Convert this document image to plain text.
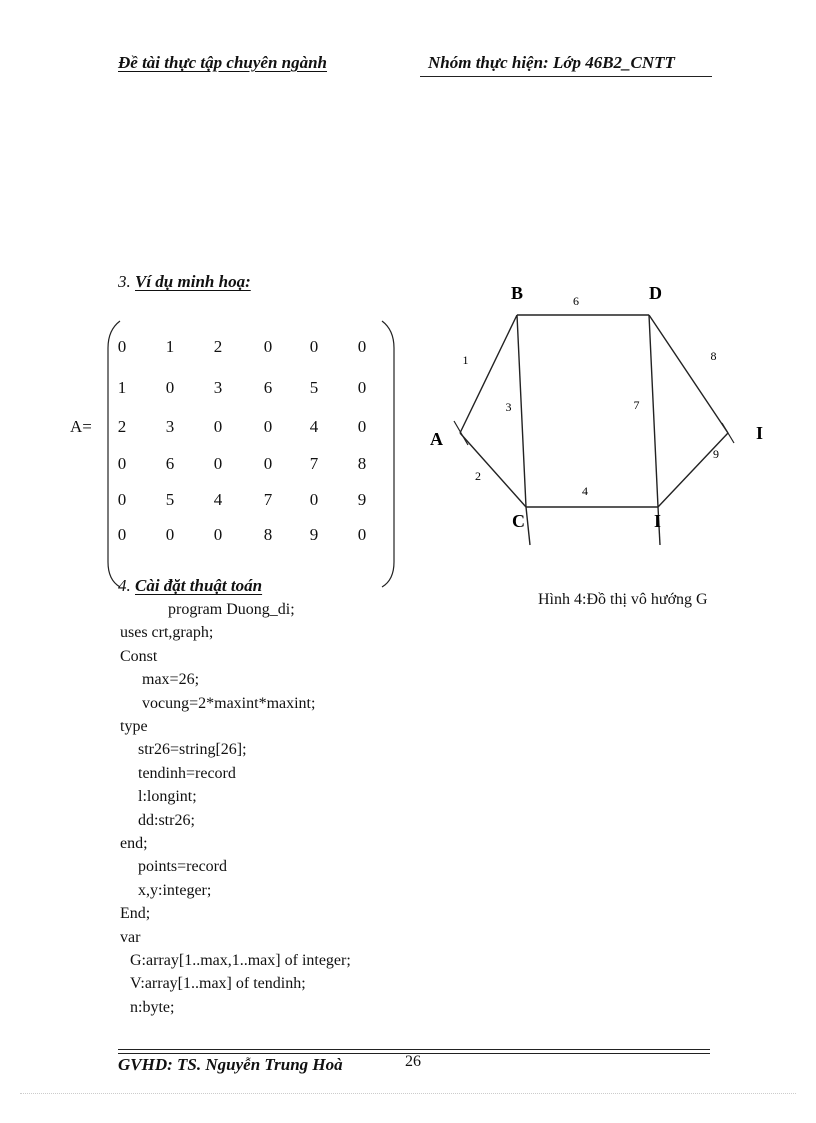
Đề tài thực tập chuyên ngành	Nhóm thực hiện: Lớp 46B2_CNTT
3. Ví dụ minh hoạ:
A=
0	1	2	0	0	0
1	0	3	6	5	0
2	3	0	0	4	0
0	6	0	0	7	8
0	5	4	7	0	9
0	0	0	8	9	0
4. Cài đặt thuật toán
1
2
3
6
4
7
8
9
A
B
C
D
I
I
Hình 4:Đồ thị vô hướng G
program Duong_di;
uses crt,graph;
Const
max=26;
vocung=2*maxint*maxint;
type
str26=string[26];
tendinh=record
l:longint;
dd:str26;
end;
points=record
x,y:integer;
End;
var
G:array[1..max,1..max] of integer;
V:array[1..max] of tendinh;
n:byte;
GVHD: TS. Nguyễn Trung Hoà	26
